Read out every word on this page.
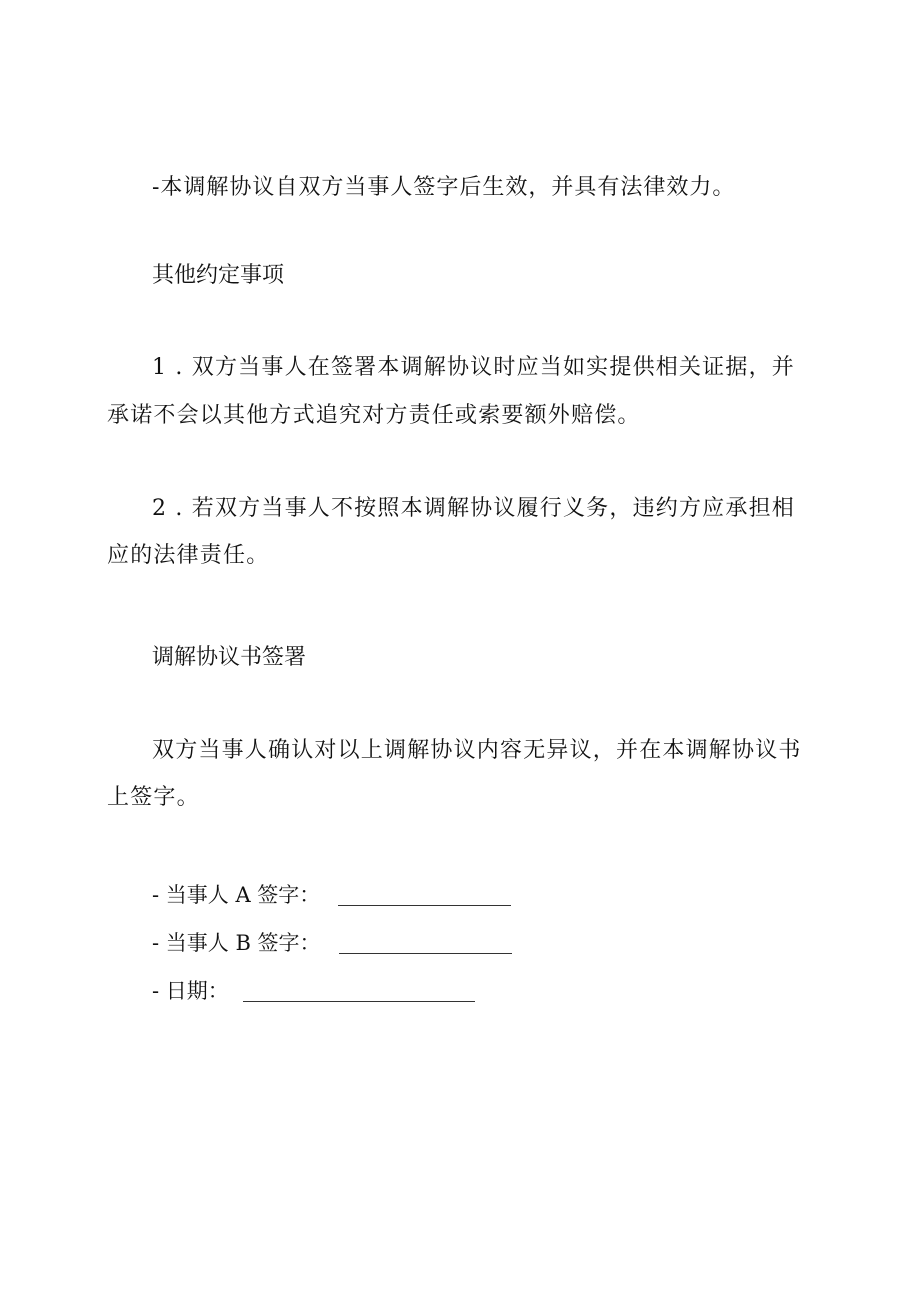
-本调解协议自双方当事人签字后生效，并具有法律效力。
其他约定事项
1 . 双方当事人在签署本调解协议时应当如实提供相关证据，并
承诺不会以其他方式追究对方责任或索要额外赔偿。
2 . 若双方当事人不按照本调解协议履行义务，违约方应承担相
应的法律责任。
调解协议书签署
双方当事人确认对以上调解协议内容无异议，并在本调解协议书
上签字。
- 当事人 A 签字：
- 当事人 B 签字：
- 日期：
